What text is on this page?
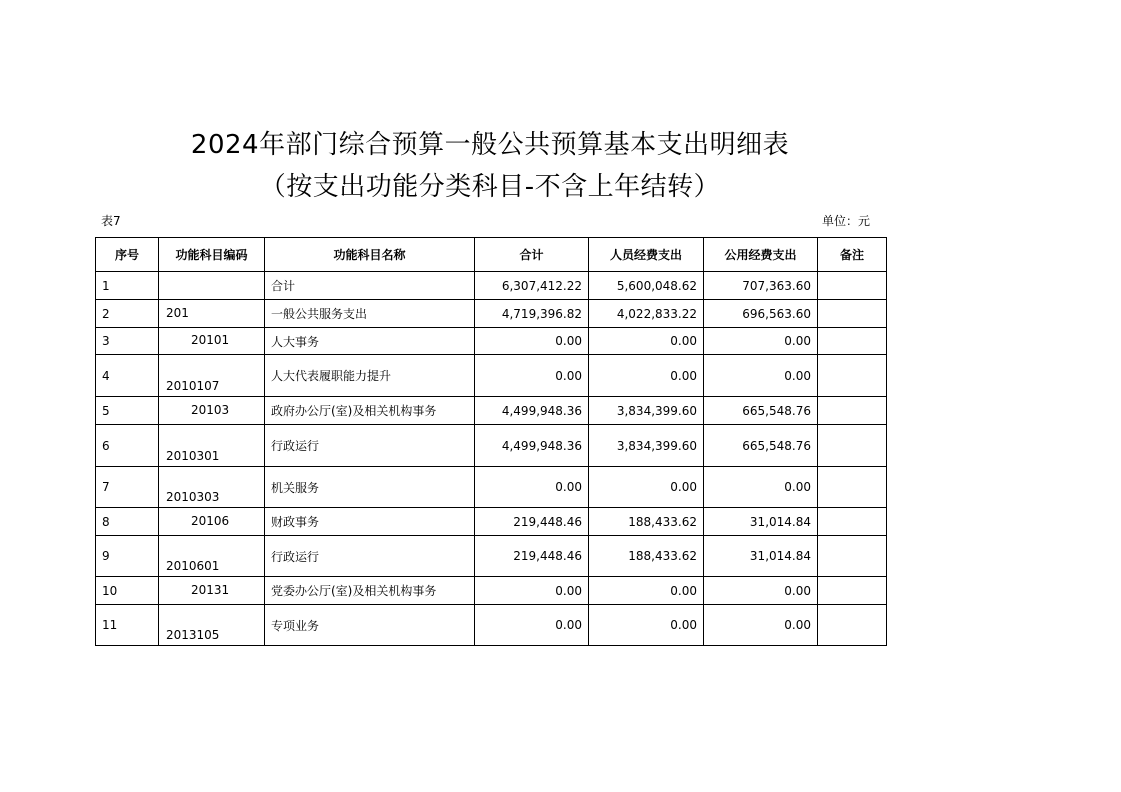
2024年部门综合预算一般公共预算基本支出明细表
（按支出功能分类科目-不含上年结转）
表7	单位：元
序号	功能科目编码	功能科目名称	合计	人员经费支出	公用经费支出	备注
1		合计	6,307,412.22	5,600,048.62	707,363.60	
2	201	一般公共服务支出	4,719,396.82	4,022,833.22	696,563.60	
3	20101	人大事务	0.00	0.00	0.00	
4	2010107	人大代表履职能力提升	0.00	0.00	0.00	
5	20103	政府办公厅(室)及相关机构事务	4,499,948.36	3,834,399.60	665,548.76	
6	2010301	行政运行	4,499,948.36	3,834,399.60	665,548.76	
7	2010303	机关服务	0.00	0.00	0.00	
8	20106	财政事务	219,448.46	188,433.62	31,014.84	
9	2010601	行政运行	219,448.46	188,433.62	31,014.84	
10	20131	党委办公厅(室)及相关机构事务	0.00	0.00	0.00	
11	2013105	专项业务	0.00	0.00	0.00	
